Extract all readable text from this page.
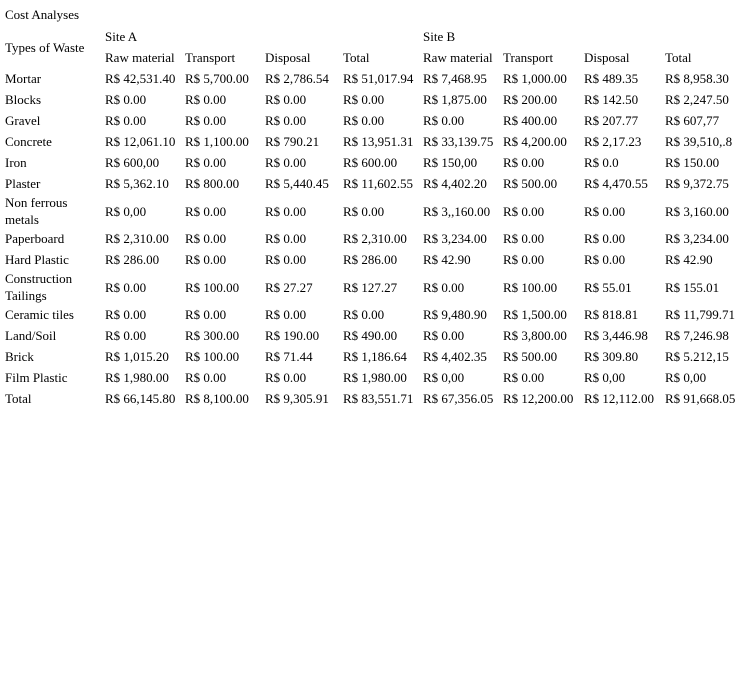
Cost Analyses
Types of Waste	Site A				Site B			
	Raw material	Transport	Disposal	Total	Raw material	Transport	Disposal	Total
Mortar	R$ 42,531.40	R$ 5,700.00	R$ 2,786.54	R$ 51,017.94	R$ 7,468.95	R$ 1,000.00	R$ 489.35	R$ 8,958.30
Blocks	R$ 0.00	R$ 0.00	R$ 0.00	R$ 0.00	R$ 1,875.00	R$ 200.00	R$ 142.50	R$ 2,247.50
Gravel	R$ 0.00	R$ 0.00	R$ 0.00	R$ 0.00	R$ 0.00	R$ 400.00	R$ 207.77	R$ 607,77
Concrete	R$ 12,061.10	R$ 1,100.00	R$ 790.21	R$ 13,951.31	R$ 33,139.75	R$ 4,200.00	R$ 2,17.23	R$ 39,510,.8
Iron	R$ 600,00	R$ 0.00	R$ 0.00	R$ 600.00	R$ 150,00	R$ 0.00	R$ 0.0	R$ 150.00
Plaster	R$ 5,362.10	R$ 800.00	R$ 5,440.45	R$ 11,602.55	R$ 4,402.20	R$ 500.00	R$ 4,470.55	R$ 9,372.75
Non ferrous metals	R$ 0,00	R$ 0.00	R$ 0.00	R$ 0.00	R$ 3,,160.00	R$ 0.00	R$ 0.00	R$ 3,160.00
Paperboard	R$ 2,310.00	R$ 0.00	R$ 0.00	R$ 2,310.00	R$ 3,234.00	R$ 0.00	R$ 0.00	R$ 3,234.00
Hard Plastic	R$ 286.00	R$ 0.00	R$ 0.00	R$ 286.00	R$ 42.90	R$ 0.00	R$ 0.00	R$ 42.90
Construction Tailings	R$ 0.00	R$ 100.00	R$ 27.27	R$ 127.27	R$ 0.00	R$ 100.00	R$ 55.01	R$ 155.01
Ceramic tiles	R$ 0.00	R$ 0.00	R$ 0.00	R$ 0.00	R$ 9,480.90	R$ 1,500.00	R$ 818.81	R$ 11,799.71
Land/Soil	R$ 0.00	R$ 300.00	R$ 190.00	R$ 490.00	R$ 0.00	R$ 3,800.00	R$ 3,446.98	R$ 7,246.98
Brick	R$ 1,015.20	R$ 100.00	R$ 71.44	R$ 1,186.64	R$ 4,402.35	R$ 500.00	R$ 309.80	R$ 5.212,15
Film Plastic	R$ 1,980.00	R$ 0.00	R$ 0.00	R$ 1,980.00	R$ 0,00	R$ 0.00	R$ 0,00	R$ 0,00
Total	R$ 66,145.80	R$ 8,100.00	R$ 9,305.91	R$ 83,551.71	R$ 67,356.05	R$ 12,200.00	R$ 12,112.00	R$ 91,668.05
